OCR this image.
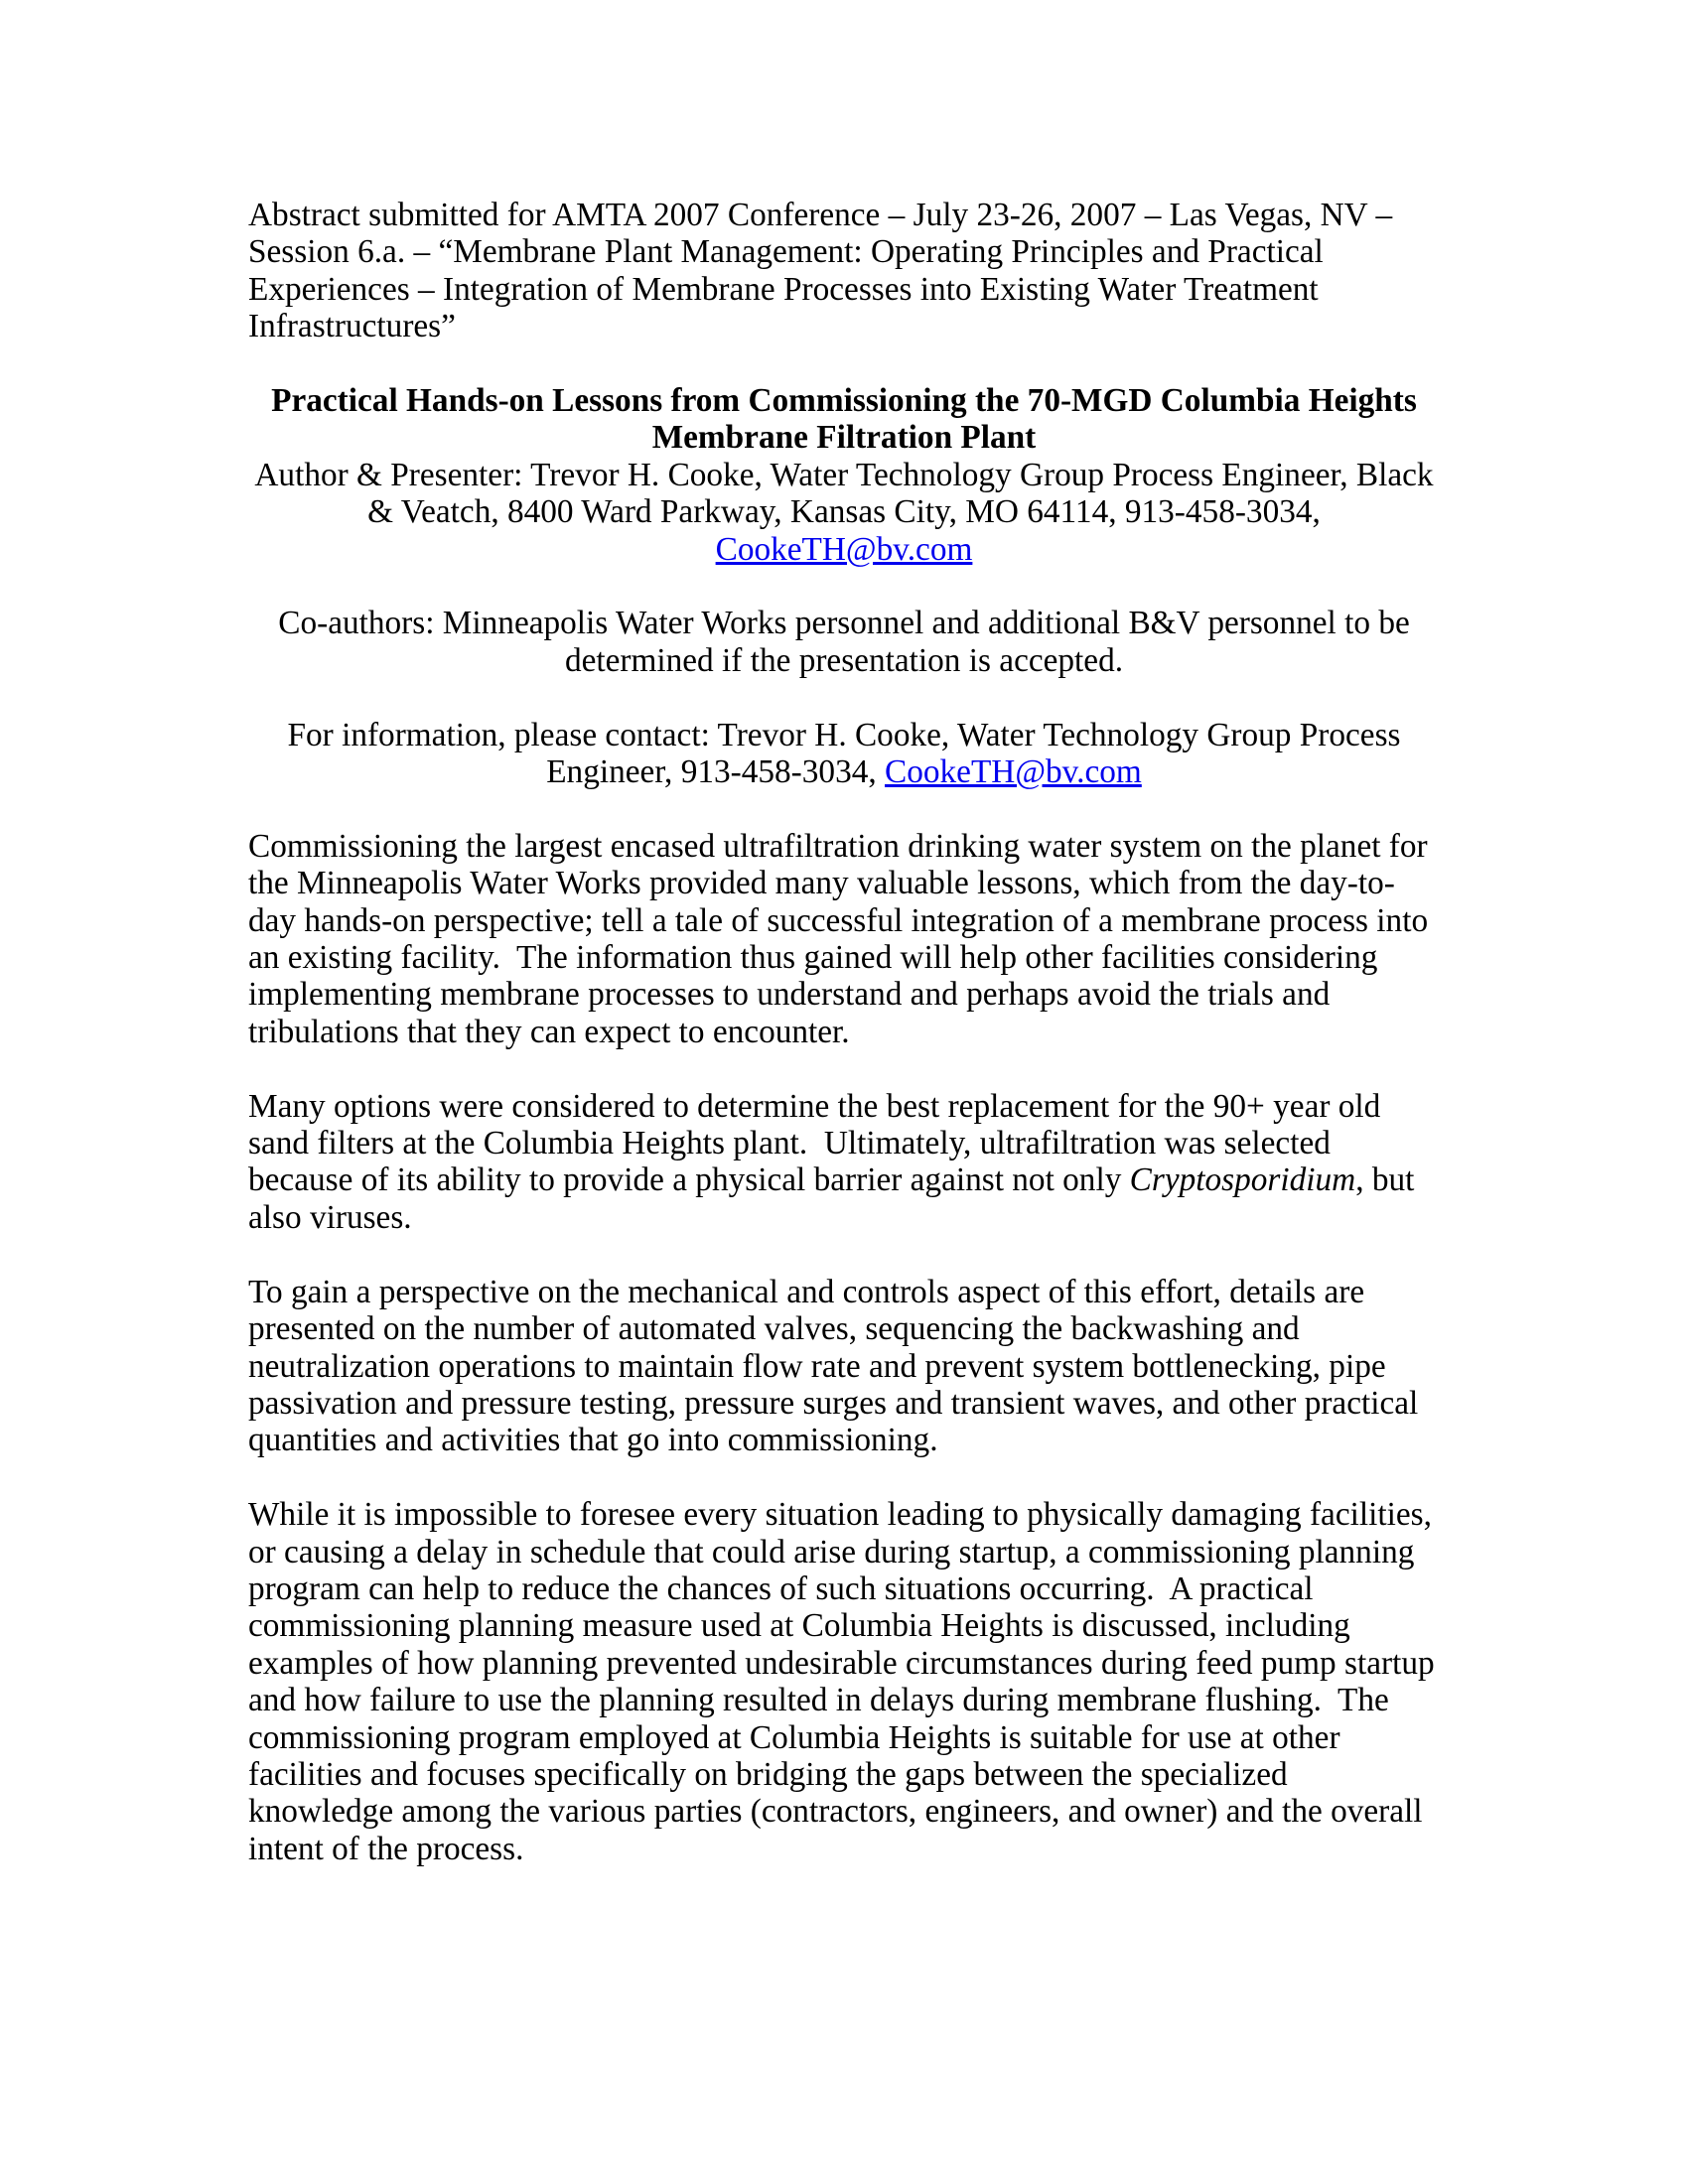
Abstract submitted for AMTA 2007 Conference – July 23-26, 2007 – Las Vegas, NV – Session 6.a. – “Membrane Plant Management: Operating Principles and Practical Experiences – Integration of Membrane Processes into Existing Water Treatment Infrastructures”

Practical Hands-on Lessons from Commissioning the 70-MGD Columbia Heights
Membrane Filtration Plant
Author & Presenter: Trevor H. Cooke, Water Technology Group Process Engineer, Black
& Veatch, 8400 Ward Parkway, Kansas City, MO 64114, 913-458-3034,
CookeTH@bv.com

Co-authors: Minneapolis Water Works personnel and additional B&V personnel to be determined if the presentation is accepted.

For information, please contact: Trevor H. Cooke, Water Technology Group Process Engineer, 913-458-3034, CookeTH@bv.com

Commissioning the largest encased ultrafiltration drinking water system on the planet for the Minneapolis Water Works provided many valuable lessons, which from the day-to-day hands-on perspective; tell a tale of successful integration of a membrane process into an existing facility.  The information thus gained will help other facilities considering implementing membrane processes to understand and perhaps avoid the trials and tribulations that they can expect to encounter.

Many options were considered to determine the best replacement for the 90+ year old sand filters at the Columbia Heights plant.  Ultimately, ultrafiltration was selected because of its ability to provide a physical barrier against not only Cryptosporidium, but also viruses.

To gain a perspective on the mechanical and controls aspect of this effort, details are presented on the number of automated valves, sequencing the backwashing and neutralization operations to maintain flow rate and prevent system bottlenecking, pipe passivation and pressure testing, pressure surges and transient waves, and other practical quantities and activities that go into commissioning.

While it is impossible to foresee every situation leading to physically damaging facilities, or causing a delay in schedule that could arise during startup, a commissioning planning program can help to reduce the chances of such situations occurring.  A practical commissioning planning measure used at Columbia Heights is discussed, including examples of how planning prevented undesirable circumstances during feed pump startup and how failure to use the planning resulted in delays during membrane flushing.  The commissioning program employed at Columbia Heights is suitable for use at other facilities and focuses specifically on bridging the gaps between the specialized knowledge among the various parties (contractors, engineers, and owner) and the overall intent of the process.
